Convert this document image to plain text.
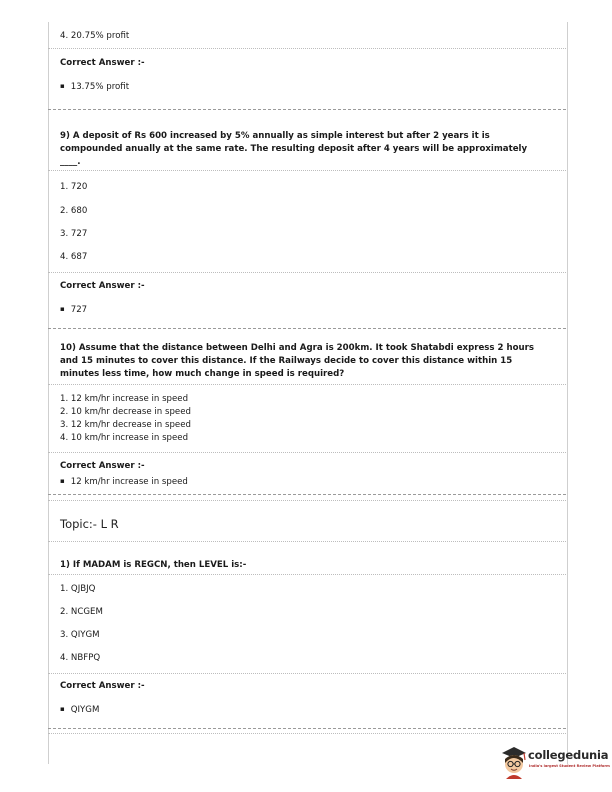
4. 20.75% profit
Correct Answer :-
▪ 13.75% profit
9) A deposit of Rs 600 increased by 5% annually as simple interest but after 2 years it is compounded anually at the same rate. The resulting deposit after 4 years will be approximately ____.
1. 720
2. 680
3. 727
4. 687
Correct Answer :-
▪ 727
10) Assume that the distance between Delhi and Agra is 200km. It took Shatabdi express 2 hours and 15 minutes to cover this distance. If the Railways decide to cover this distance within 15 minutes less time, how much change in speed is required?
1. 12 km/hr increase in speed
2. 10 km/hr decrease in speed
3. 12 km/hr decrease in speed
4. 10 km/hr increase in speed
Correct Answer :-
▪ 12 km/hr increase in speed
Topic:- L R
1) If MADAM is REGCN, then LEVEL is:-
1. QJBJQ
2. NCGEM
3. QIYGM
4. NBFPQ
Correct Answer :-
▪ QIYGM
collegedunia
India's largest Student Review Platform
